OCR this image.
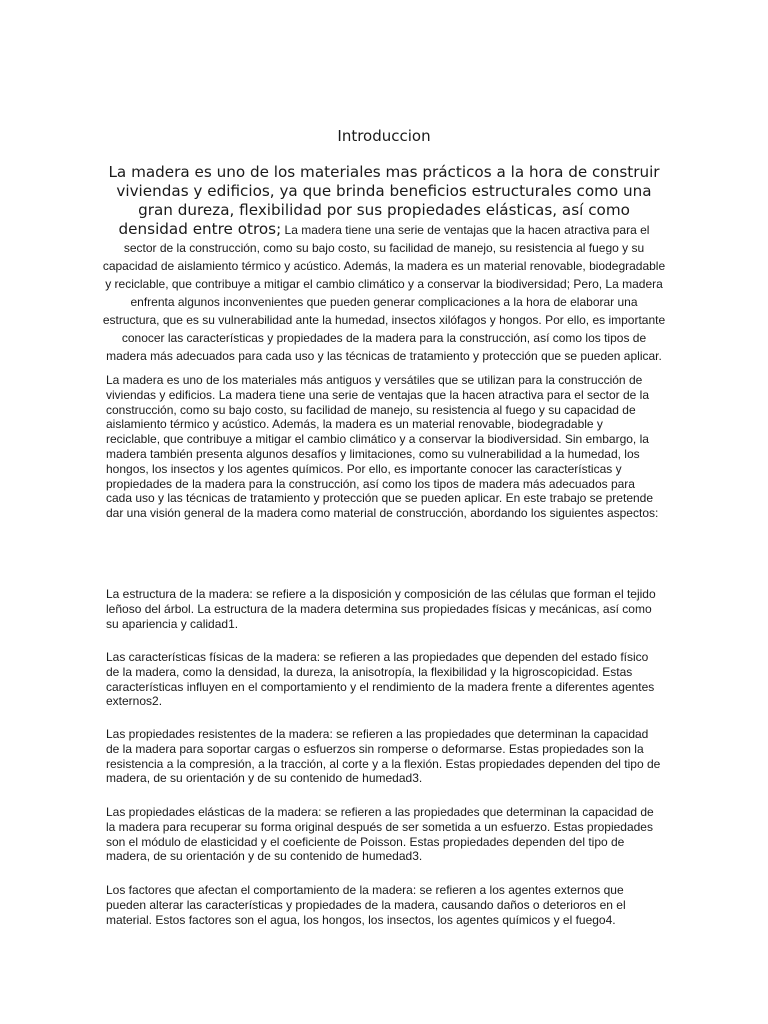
Introduccion

La madera es uno de los materiales mas prácticos a la hora de construir viviendas y edificios, ya que brinda beneficios estructurales como una gran dureza, flexibilidad por sus propiedades elásticas, así como densidad entre otros; La madera tiene una serie de ventajas que la hacen atractiva para el sector de la construcción, como su bajo costo, su facilidad de manejo, su resistencia al fuego y su capacidad de aislamiento térmico y acústico. Además, la madera es un material renovable, biodegradable y reciclable, que contribuye a mitigar el cambio climático y a conservar la biodiversidad; Pero, La madera enfrenta algunos inconvenientes que pueden generar complicaciones a la hora de elaborar una estructura, que es su vulnerabilidad ante la humedad, insectos xilófagos y hongos. Por ello, es importante conocer las características y propiedades de la madera para la construcción, así como los tipos de madera más adecuados para cada uso y las técnicas de tratamiento y protección que se pueden aplicar.

La madera es uno de los materiales más antiguos y versátiles que se utilizan para la construcción de viviendas y edificios. La madera tiene una serie de ventajas que la hacen atractiva para el sector de la construcción, como su bajo costo, su facilidad de manejo, su resistencia al fuego y su capacidad de aislamiento térmico y acústico. Además, la madera es un material renovable, biodegradable y reciclable, que contribuye a mitigar el cambio climático y a conservar la biodiversidad. Sin embargo, la madera también presenta algunos desafíos y limitaciones, como su vulnerabilidad a la humedad, los hongos, los insectos y los agentes químicos. Por ello, es importante conocer las características y propiedades de la madera para la construcción, así como los tipos de madera más adecuados para cada uso y las técnicas de tratamiento y protección que se pueden aplicar. En este trabajo se pretende dar una visión general de la madera como material de construcción, abordando los siguientes aspectos:

La estructura de la madera: se refiere a la disposición y composición de las células que forman el tejido leñoso del árbol. La estructura de la madera determina sus propiedades físicas y mecánicas, así como su apariencia y calidad1.

Las características físicas de la madera: se refieren a las propiedades que dependen del estado físico de la madera, como la densidad, la dureza, la anisotropía, la flexibilidad y la higroscopicidad. Estas características influyen en el comportamiento y el rendimiento de la madera frente a diferentes agentes externos2.

Las propiedades resistentes de la madera: se refieren a las propiedades que determinan la capacidad de la madera para soportar cargas o esfuerzos sin romperse o deformarse. Estas propiedades son la resistencia a la compresión, a la tracción, al corte y a la flexión. Estas propiedades dependen del tipo de madera, de su orientación y de su contenido de humedad3.

Las propiedades elásticas de la madera: se refieren a las propiedades que determinan la capacidad de la madera para recuperar su forma original después de ser sometida a un esfuerzo. Estas propiedades son el módulo de elasticidad y el coeficiente de Poisson. Estas propiedades dependen del tipo de madera, de su orientación y de su contenido de humedad3.

Los factores que afectan el comportamiento de la madera: se refieren a los agentes externos que pueden alterar las características y propiedades de la madera, causando daños o deterioros en el material. Estos factores son el agua, los hongos, los insectos, los agentes químicos y el fuego4.
